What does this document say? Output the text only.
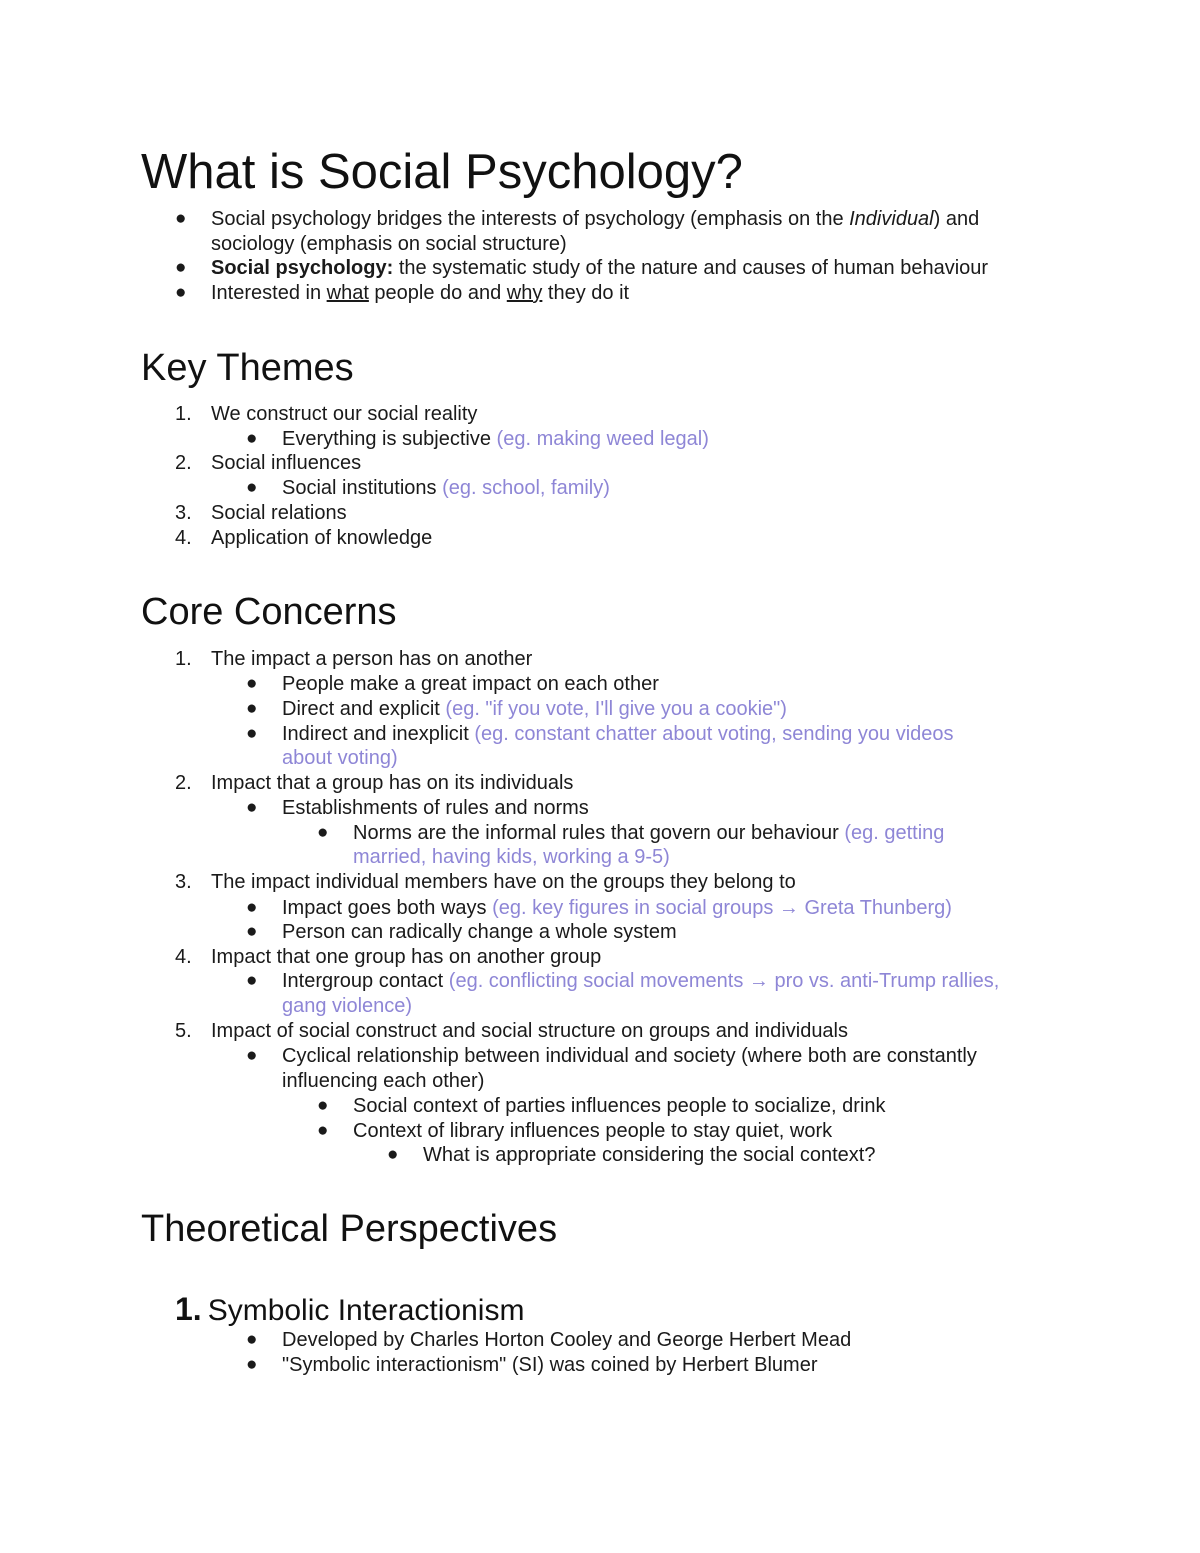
What is Social Psychology?
● Social psychology bridges the interests of psychology (emphasis on the Individual) and
sociology (emphasis on social structure)
● Social psychology: the systematic study of the nature and causes of human behaviour
● Interested in what people do and why they do it
Key Themes
1. We construct our social reality
● Everything is subjective (eg. making weed legal)
2. Social influences
● Social institutions (eg. school, family)
3. Social relations
4. Application of knowledge
Core Concerns
1. The impact a person has on another
● People make a great impact on each other
● Direct and explicit (eg. "if you vote, I'll give you a cookie")
● Indirect and inexplicit (eg. constant chatter about voting, sending you videos
about voting)
2. Impact that a group has on its individuals
● Establishments of rules and norms
● Norms are the informal rules that govern our behaviour (eg. getting
married, having kids, working a 9-5)
3. The impact individual members have on the groups they belong to
● Impact goes both ways (eg. key figures in social groups → Greta Thunberg)
● Person can radically change a whole system
4. Impact that one group has on another group
● Intergroup contact (eg. conflicting social movements → pro vs. anti-Trump rallies,
gang violence)
5. Impact of social construct and social structure on groups and individuals
● Cyclical relationship between individual and society (where both are constantly
influencing each other)
● Social context of parties influences people to socialize, drink
● Context of library influences people to stay quiet, work
● What is appropriate considering the social context?
Theoretical Perspectives
1. Symbolic Interactionism
● Developed by Charles Horton Cooley and George Herbert Mead
● "Symbolic interactionism" (SI) was coined by Herbert Blumer
